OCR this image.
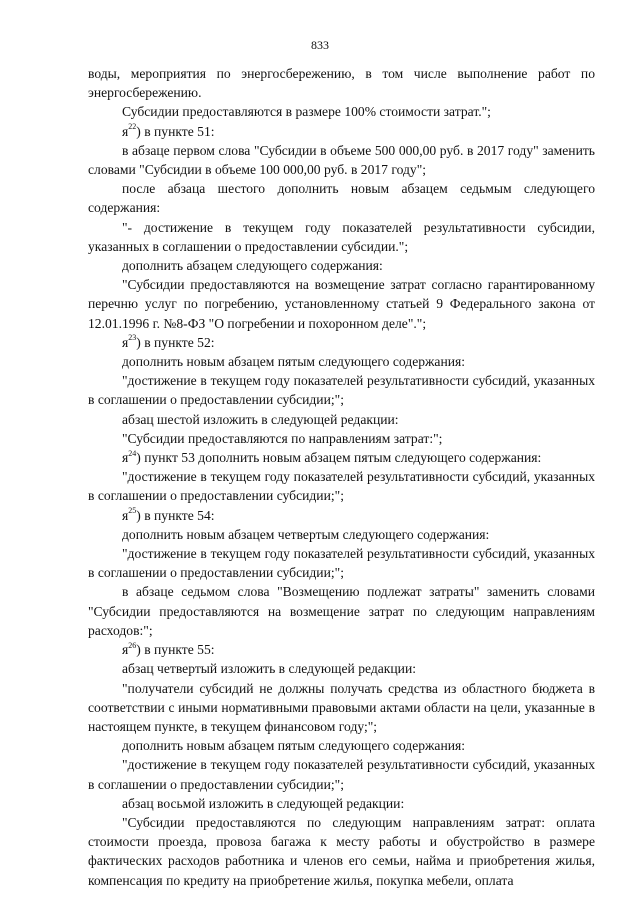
833

воды, мероприятия по энергосбережению, в том числе выполнение работ по энергосбережению.

Субсидии предоставляются в размере 100% стоимости затрат.";

$я^{22}$) в пункте 51:

в абзаце первом слова "Субсидии в объеме 500 000,00 руб. в 2017 году" заменить словами "Субсидии в объеме 100 000,00 руб. в 2017 году";

после абзаца шестого дополнить новым абзацем седьмым следующего содержания:

"- достижение в текущем году показателей результативности субсидии, указанных в соглашении о предоставлении субсидии.";

дополнить абзацем следующего содержания:

"Субсидии предоставляются на возмещение затрат согласно гарантированному перечню услуг по погребению, установленному статьей 9 Федерального закона от 12.01.1996 г. №8-ФЗ "О погребении и похоронном деле".";

$я^{23}$) в пункте 52:

дополнить новым абзацем пятым следующего содержания:

"достижение в текущем году показателей результативности субсидий, указанных в соглашении о предоставлении субсидии;";

абзац шестой изложить в следующей редакции:

"Субсидии предоставляются по направлениям затрат:";

$я^{24}$) пункт 53 дополнить новым абзацем пятым следующего содержания:

"достижение в текущем году показателей результативности субсидий, указанных в соглашении о предоставлении субсидии;";

$я^{25}$) в пункте 54:

дополнить новым абзацем четвертым следующего содержания:

"достижение в текущем году показателей результативности субсидий, указанных в соглашении о предоставлении субсидии;";

в абзаце седьмом слова "Возмещению подлежат затраты" заменить словами "Субсидии предоставляются на возмещение затрат по следующим направлениям расходов:";

$я^{26}$) в пункте 55:

абзац четвертый изложить в следующей редакции:

"получатели субсидий не должны получать средства из областного бюджета в соответствии с иными нормативными правовыми актами области на цели, указанные в настоящем пункте, в текущем финансовом году;";

дополнить новым абзацем пятым следующего содержания:

"достижение в текущем году показателей результативности субсидий, указанных в соглашении о предоставлении субсидии;";

абзац восьмой изложить в следующей редакции:

"Субсидии предоставляются по следующим направлениям затрат: оплата стоимости проезда, провоза багажа к месту работы и обустройство в размере фактических расходов работника и членов его семьи, найма и приобретения жилья, компенсация по кредиту на приобретение жилья, покупка мебели, оплата
